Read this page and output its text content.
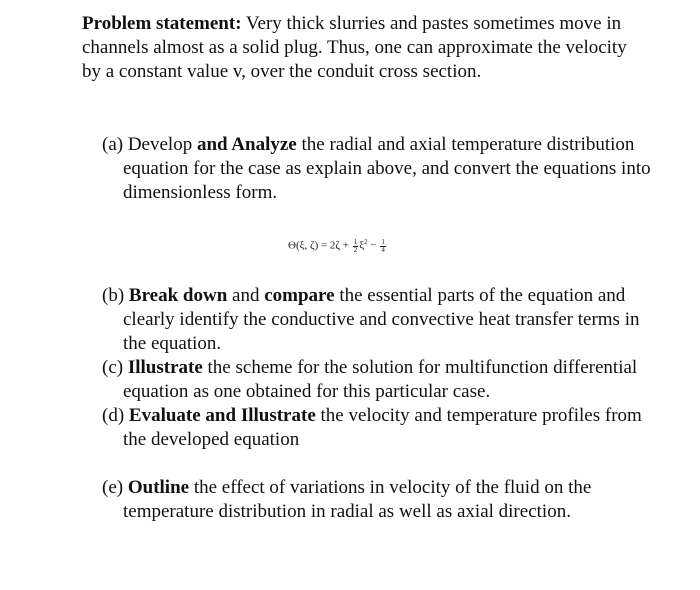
Problem statement: Very thick slurries and pastes sometimes move in channels almost as a solid plug. Thus, one can approximate the velocity by a constant value v, over the conduit cross section.

(a) Develop and Analyze the radial and axial temperature distribution equation for the case as explain above, and convert the equations into dimensionless form.

Θ(ξ, $\zeta) = 2\zeta + \frac{1}{2} \xi^2 - \frac{1}{4}$

(b) Break down and compare the essential parts of the equation and clearly identify the conductive and convective heat transfer terms in the equation.

(c) Illustrate the scheme for the solution for multifunction differential equation as one obtained for this particular case.

(d) Evaluate and Illustrate the velocity and temperature profiles from the developed equation

(e) Outline the effect of variations in velocity of the fluid on the temperature distribution in radial as well as axial direction.
